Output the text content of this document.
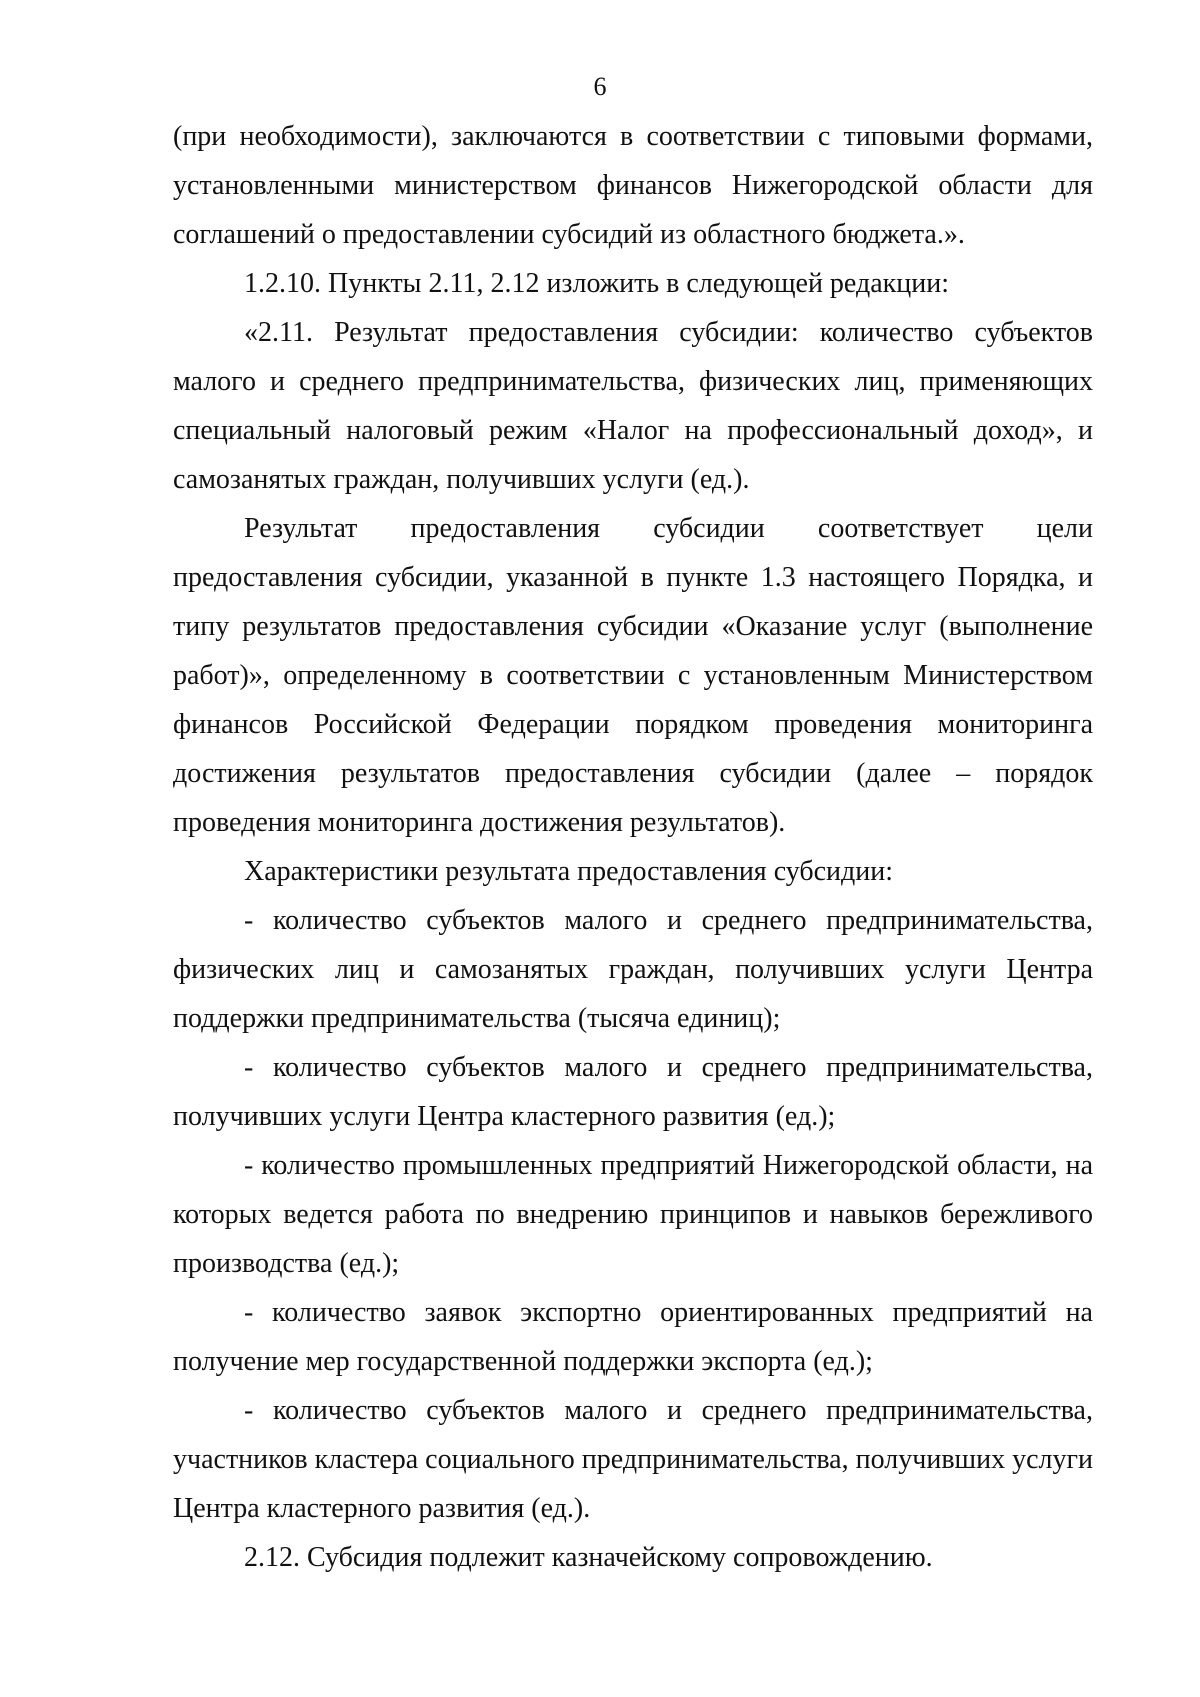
6

(при необходимости), заключаются в соответствии с типовыми формами, установленными министерством финансов Нижегородской области для соглашений о предоставлении субсидий из областного бюджета.».

1.2.10. Пункты 2.11, 2.12 изложить в следующей редакции:

«2.11. Результат предоставления субсидии: количество субъектов малого и среднего предпринимательства, физических лиц, применяющих специальный налоговый режим «Налог на профессиональный доход», и самозанятых граждан, получивших услуги (ед.).

Результат предоставления субсидии соответствует цели предоставления субсидии, указанной в пункте 1.3 настоящего Порядка, и типу результатов предоставления субсидии «Оказание услуг (выполнение работ)», определенному в соответствии с установленным Министерством финансов Российской Федерации порядком проведения мониторинга достижения результатов предоставления субсидии (далее – порядок проведения мониторинга достижения результатов).

Характеристики результата предоставления субсидии:

- количество субъектов малого и среднего предпринимательства, физических лиц и самозанятых граждан, получивших услуги Центра поддержки предпринимательства (тысяча единиц);

- количество субъектов малого и среднего предпринимательства, получивших услуги Центра кластерного развития (ед.);

- количество промышленных предприятий Нижегородской области, на которых ведется работа по внедрению принципов и навыков бережливого производства (ед.);

- количество заявок экспортно ориентированных предприятий на получение мер государственной поддержки экспорта (ед.);

- количество субъектов малого и среднего предпринимательства, участников кластера социального предпринимательства, получивших услуги Центра кластерного развития (ед.).

2.12. Субсидия подлежит казначейскому сопровождению.
